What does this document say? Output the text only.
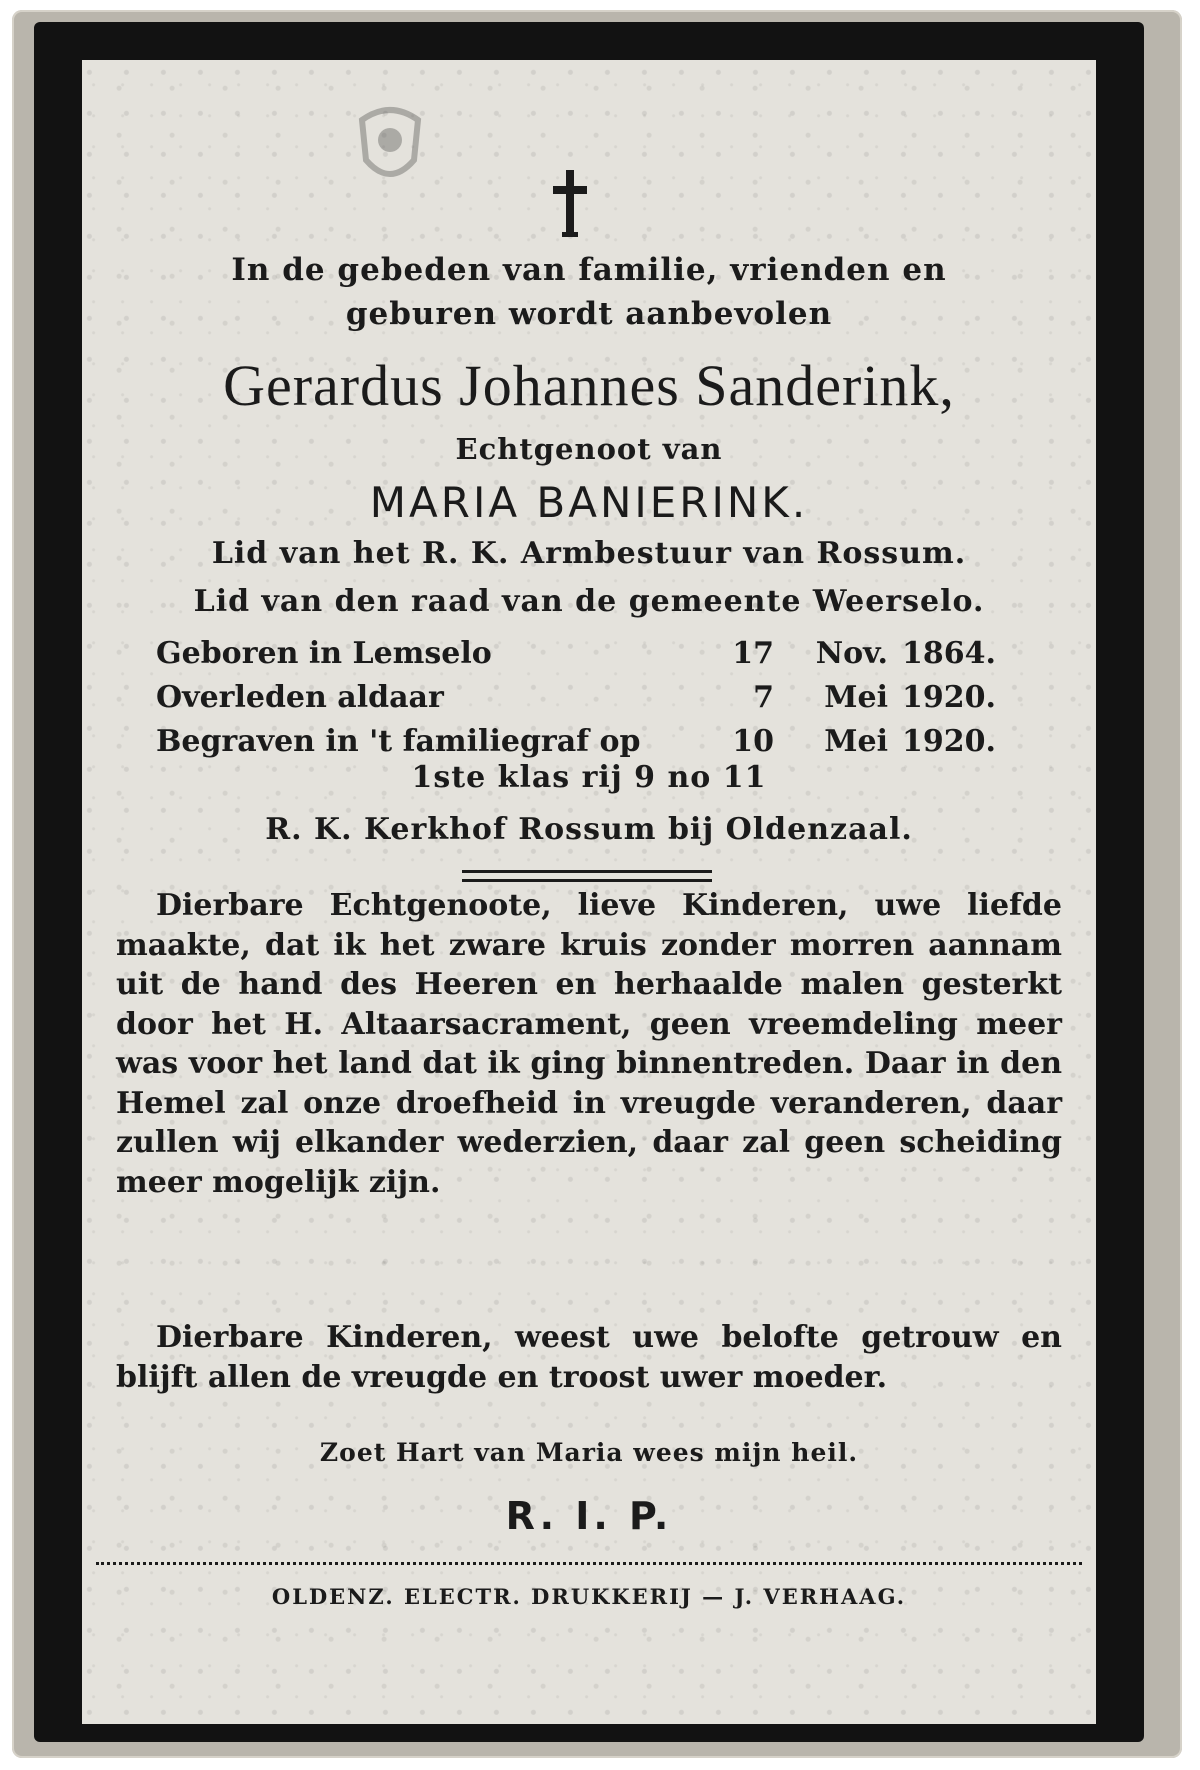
In de gebeden van familie, vrienden en
geburen wordt aanbevolen
Gerardus Johannes Sanderink,
Echtgenoot van
MARIA BANIERINK.
Lid van het R. K. Armbestuur van Rossum.
Lid van den raad van de gemeente Weerselo.
Geboren in Lemselo	17 Nov. 1864.
Overleden aldaar	7 Mei 1920.
Begraven in 't familiegraf op	10 Mei 1920.
1ste klas rij 9 no 11
R. K. Kerkhof Rossum bij Oldenzaal.
Dierbare Echtgenoote, lieve Kinderen, uwe liefde maakte, dat ik het zware kruis zonder morren aannam uit de hand des Heeren en herhaalde malen gesterkt door het H. Altaarsacrament, geen vreemdeling meer was voor het land dat ik ging binnentreden. Daar in den Hemel zal onze droefheid in vreugde veranderen, daar zullen wij elkander wederzien, daar zal geen scheiding meer mogelijk zijn.
Dierbare Kinderen, weest uwe belofte getrouw en blijft allen de vreugde en troost uwer moeder.
Zoet Hart van Maria wees mijn heil.
R. I. P.
OLDENZ. ELECTR. DRUKKERIJ — J. VERHAAG.
